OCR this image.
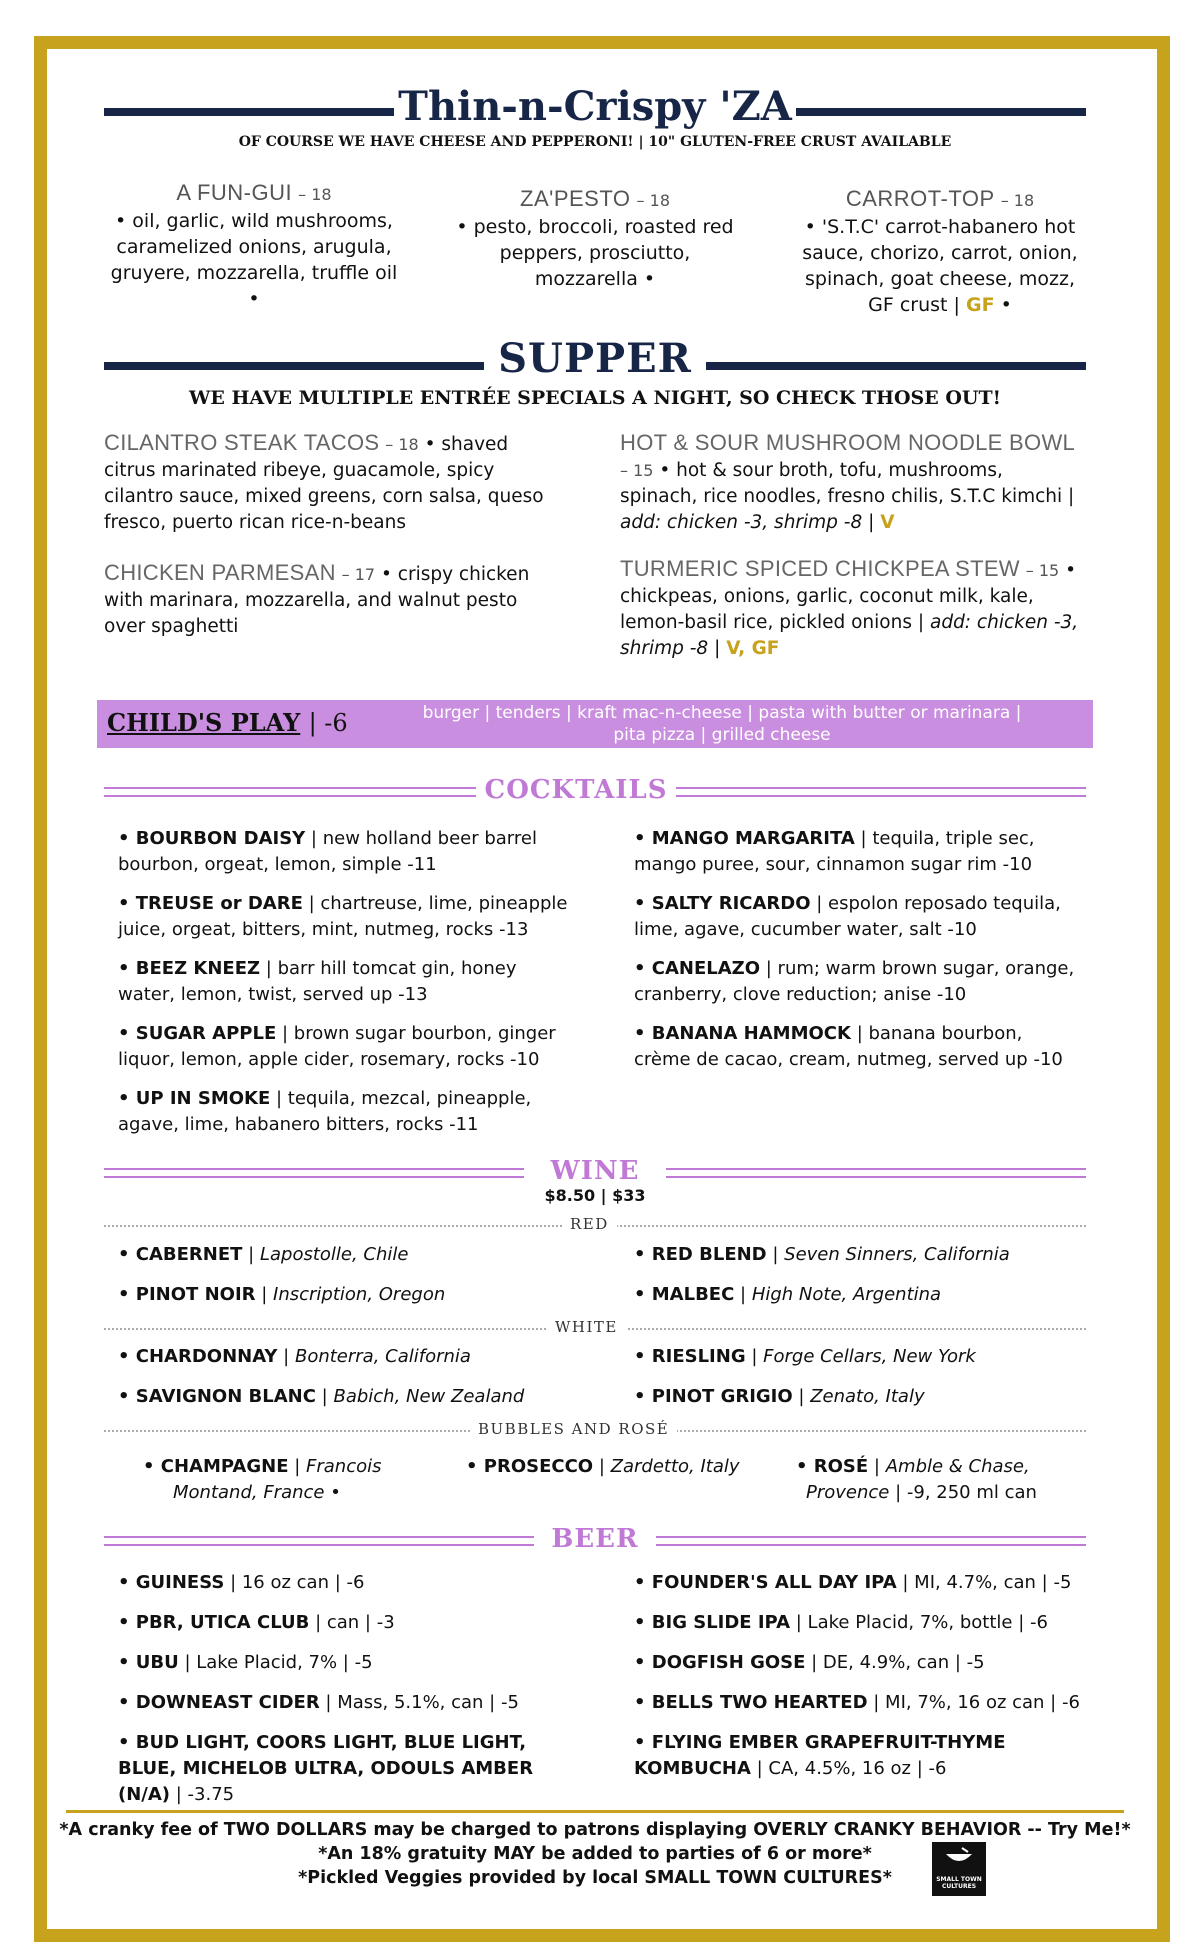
Thin-n-Crispy 'ZA
OF COURSE WE HAVE CHEESE AND PEPPERONI! | 10" GLUTEN-FREE CRUST AVAILABLE
A FUN-GUI – 18
• oil, garlic, wild mushrooms, caramelized onions, arugula, gruyere, mozzarella, truffle oil •
ZA'PESTO – 18
• pesto, broccoli, roasted red peppers, prosciutto, mozzarella •
CARROT-TOP – 18
• 'S.T.C' carrot-habanero hot sauce, chorizo, carrot, onion, spinach, goat cheese, mozz, GF crust | GF •
SUPPER
WE HAVE MULTIPLE ENTRÉE SPECIALS A NIGHT, SO CHECK THOSE OUT!
CILANTRO STEAK TACOS – 18 • shaved citrus marinated ribeye, guacamole, spicy cilantro sauce, mixed greens, corn salsa, queso fresco, puerto rican rice-n-beans
CHICKEN PARMESAN – 17 • crispy chicken with marinara, mozzarella, and walnut pesto over spaghetti
HOT & SOUR MUSHROOM NOODLE BOWL – 15 • hot & sour broth, tofu, mushrooms, spinach, rice noodles, fresno chilis, S.T.C kimchi | add: chicken -3, shrimp -8 | V
TURMERIC SPICED CHICKPEA STEW – 15 • chickpeas, onions, garlic, coconut milk, kale, lemon-basil rice, pickled onions | add: chicken -3, shrimp -8 | V, GF
CHILD'S PLAY | -6	burger | tenders | kraft mac-n-cheese | pasta with butter or marinara |
pita pizza | grilled cheese
COCKTAILS
• BOURBON DAISY | new holland beer barrel bourbon, orgeat, lemon, simple -11
• TREUSE or DARE | chartreuse, lime, pineapple juice, orgeat, bitters, mint, nutmeg, rocks -13
• BEEZ KNEEZ | barr hill tomcat gin, honey water, lemon, twist, served up -13
• SUGAR APPLE | brown sugar bourbon, ginger liquor, lemon, apple cider, rosemary, rocks -10
• UP IN SMOKE | tequila, mezcal, pineapple, agave, lime, habanero bitters, rocks -11
• MANGO MARGARITA | tequila, triple sec, mango puree, sour, cinnamon sugar rim -10
• SALTY RICARDO | espolon reposado tequila, lime, agave, cucumber water, salt -10
• CANELAZO | rum; warm brown sugar, orange, cranberry, clove reduction; anise -10
• BANANA HAMMOCK | banana bourbon, crème de cacao, cream, nutmeg, served up -10
WINE
$8.50 | $33
RED
• CABERNET | Lapostolle, Chile
• PINOT NOIR | Inscription, Oregon
• RED BLEND | Seven Sinners, California
• MALBEC | High Note, Argentina
WHITE
• CHARDONNAY | Bonterra, California
• SAVIGNON BLANC | Babich, New Zealand
• RIESLING | Forge Cellars, New York
• PINOT GRIGIO | Zenato, Italy
BUBBLES AND ROSÉ
• CHAMPAGNE | Francois
Montand, France •
• PROSECCO | Zardetto, Italy	• ROSÉ | Amble & Chase,
Provence | -9, 250 ml can
BEER
• GUINESS | 16 oz can | -6
• PBR, UTICA CLUB | can | -3
• UBU | Lake Placid, 7% | -5
• DOWNEAST CIDER | Mass, 5.1%, can | -5
• BUD LIGHT, COORS LIGHT, BLUE LIGHT, BLUE, MICHELOB ULTRA, ODOULS AMBER (N/A) | -3.75
• FOUNDER'S ALL DAY IPA | MI, 4.7%, can | -5
• BIG SLIDE IPA | Lake Placid, 7%, bottle | -6
• DOGFISH GOSE | DE, 4.9%, can | -5
• BELLS TWO HEARTED | MI, 7%, 16 oz can | -6
• FLYING EMBER GRAPEFRUIT-THYME KOMBUCHA | CA, 4.5%, 16 oz | -6
*A cranky fee of TWO DOLLARS may be charged to patrons displaying OVERLY CRANKY BEHAVIOR -- Try Me!*
*An 18% gratuity MAY be added to parties of 6 or more*
*Pickled Veggies provided by local SMALL TOWN CULTURES*	SMALL TOWN CULTURES
